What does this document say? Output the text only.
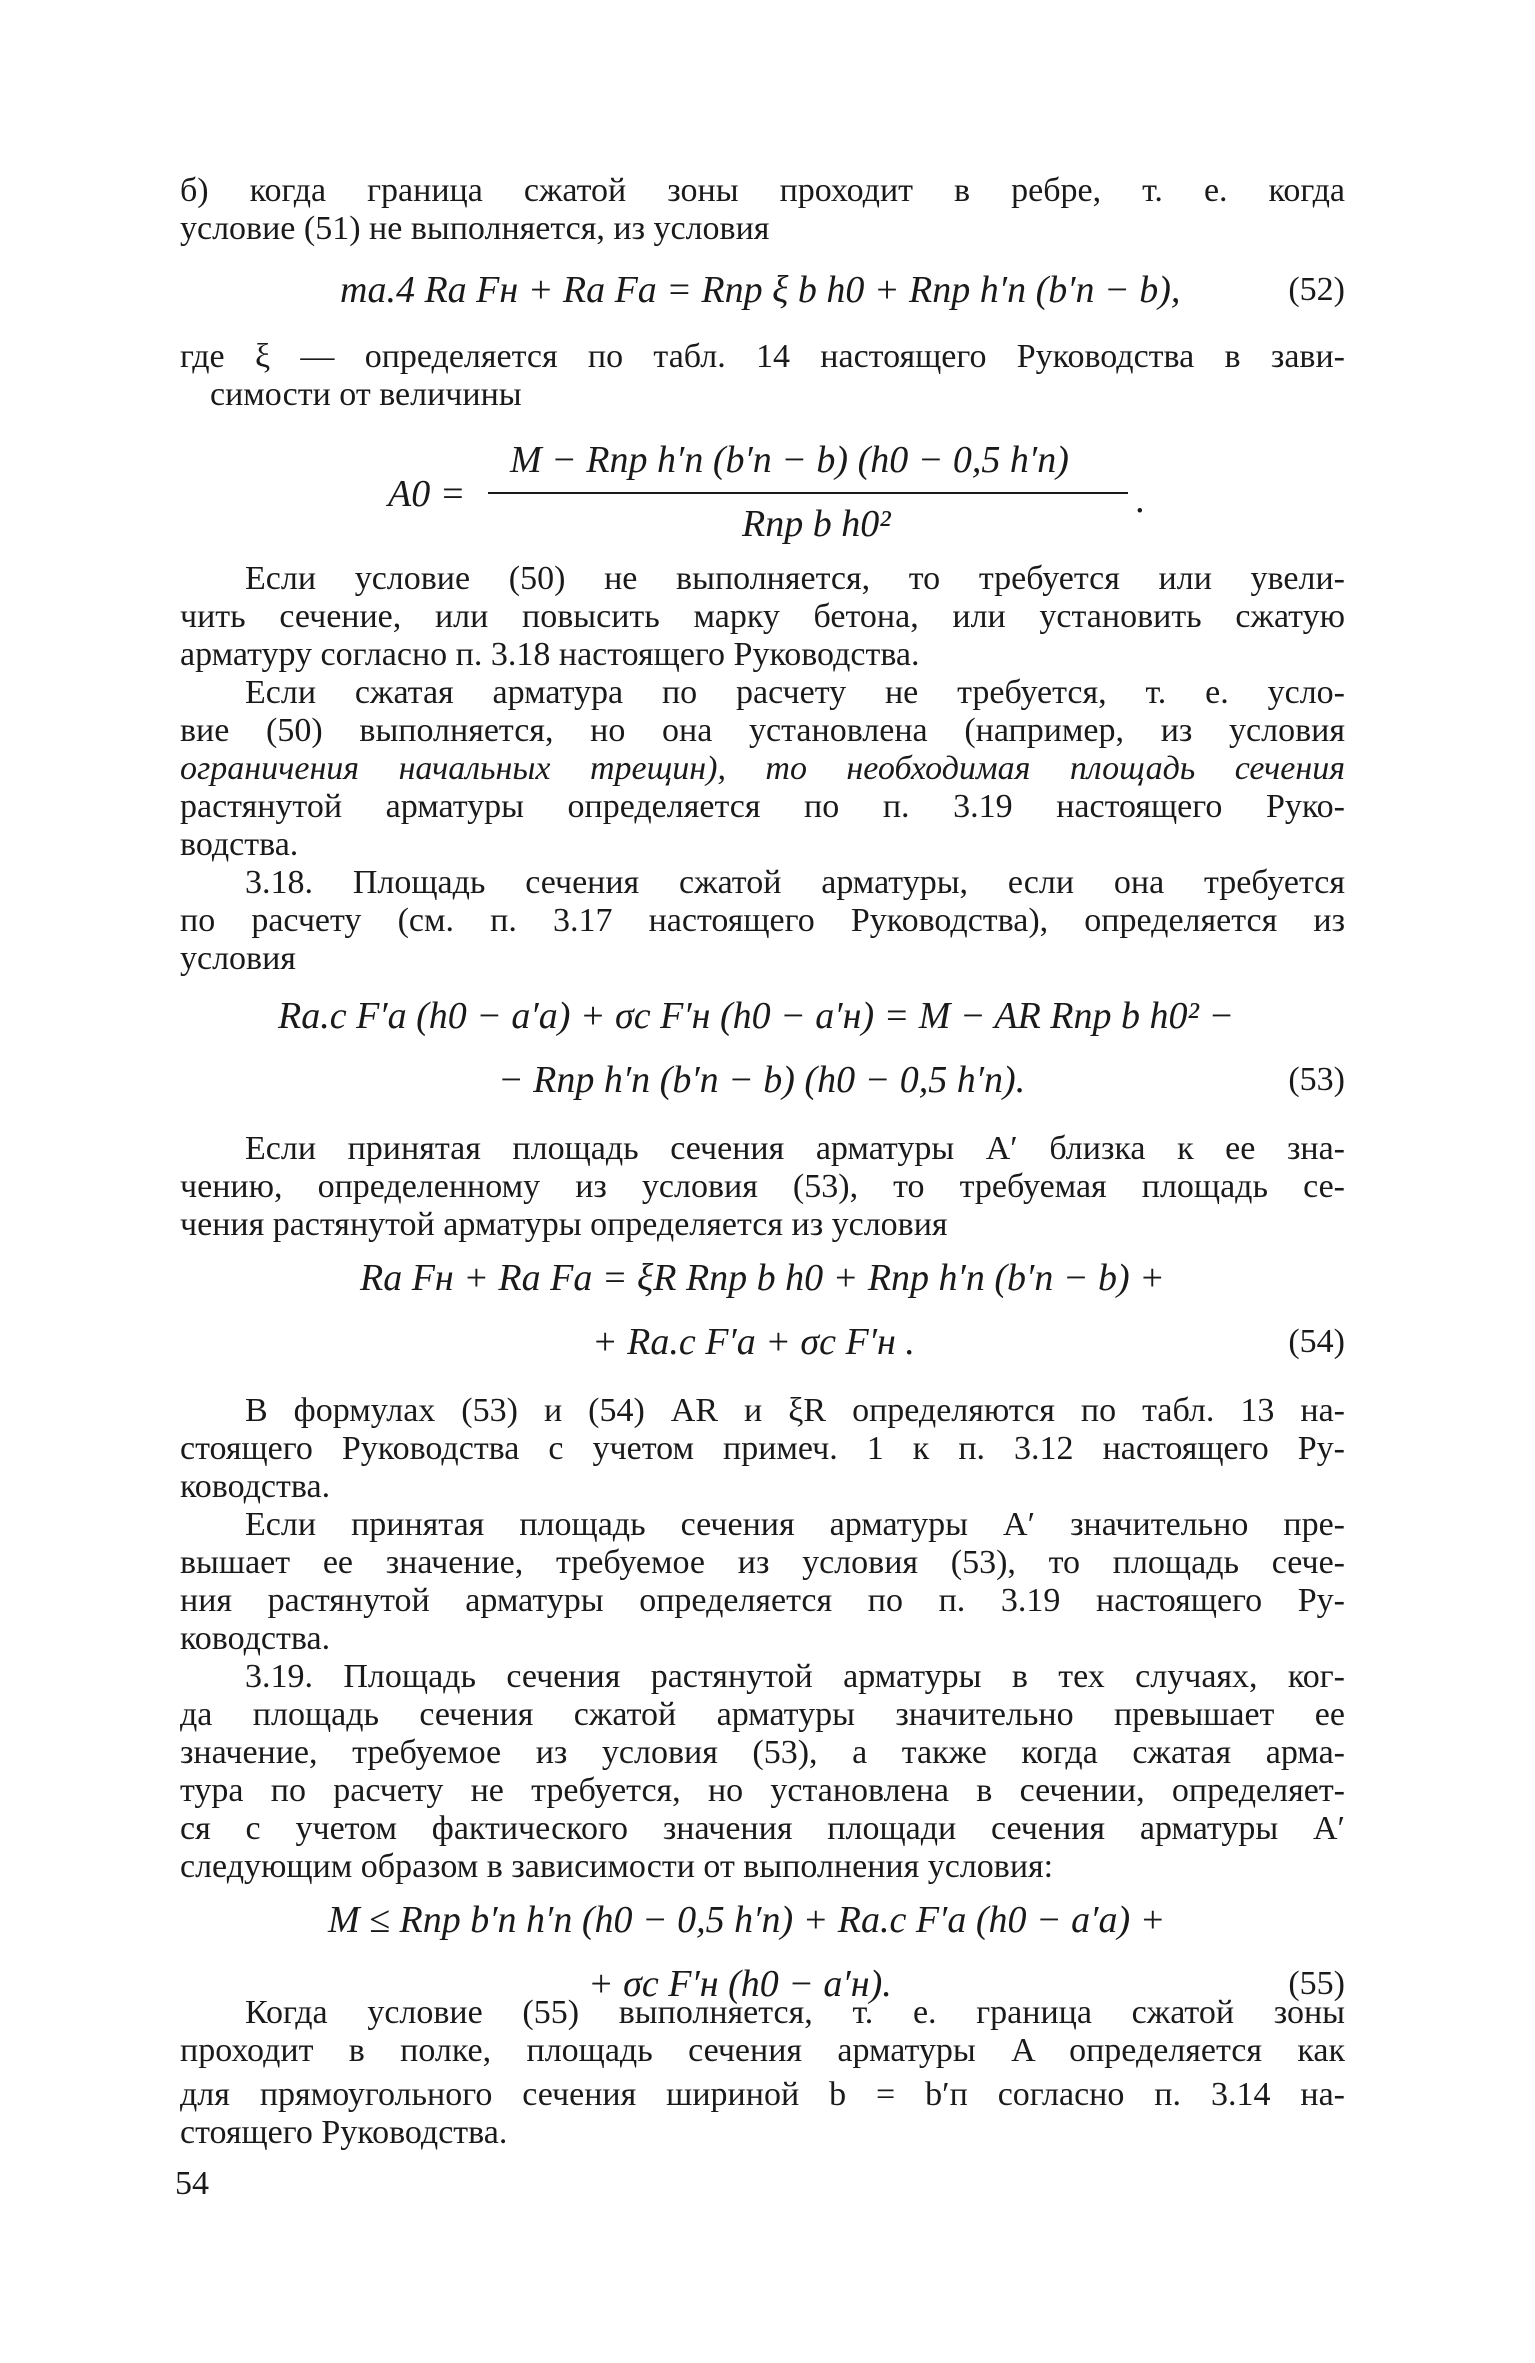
б) когда граница сжатой зоны проходит в ребре, т. е. когда
условие (51) не выполняется, из условия
mа.4 Rа Fн + Rа Fа = Rпр ξ b h0 + Rпр h′п (b′п − b),	(52)
где ξ — определяется по табл. 14 настоящего Руководства в зави-
симости от величины
A0 =
M − Rпр h′п (b′п − b) (h0 − 0,5 h′п)
Rпр b h0²
.
Если условие (50) не выполняется, то требуется или увели-
чить сечение, или повысить марку бетона, или установить сжатую
арматуру согласно п. 3.18 настоящего Руководства.
Если сжатая арматура по расчету не требуется, т. е. усло-
вие (50) выполняется, но она установлена (например, из условия
ограничения начальных трещин), то необходимая площадь сечения
растянутой арматуры определяется по п. 3.19 настоящего Руко-
водства.
3.18. Площадь сечения сжатой арматуры, если она требуется
по расчету (см. п. 3.17 настоящего Руководства), определяется из
условия
Rа.с F′а (h0 − a′а) + σс F′н (h0 − a′н) = M − AR Rпр b h0² −
− Rпр h′п (b′п − b) (h0 − 0,5 h′п).	(53)
Если принятая площадь сечения арматуры A′ близка к ее зна-
чению, определенному из условия (53), то требуемая площадь се-
чения растянутой арматуры определяется из условия
Rа Fн + Rа Fа = ξR Rпр b h0 + Rпр h′п (b′п − b) +
+ Rа.с F′а + σс F′н .	(54)
В формулах (53) и (54) AR и ξR определяются по табл. 13 на-
стоящего Руководства с учетом примеч. 1 к п. 3.12 настоящего Ру-
ководства.
Если принятая площадь сечения арматуры A′ значительно пре-
вышает ее значение, требуемое из условия (53), то площадь сече-
ния растянутой арматуры определяется по п. 3.19 настоящего Ру-
ководства.
3.19. Площадь сечения растянутой арматуры в тех случаях, ког-
да площадь сечения сжатой арматуры значительно превышает ее
значение, требуемое из условия (53), а также когда сжатая арма-
тура по расчету не требуется, но установлена в сечении, определяет-
ся с учетом фактического значения площади сечения арматуры A′
следующим образом в зависимости от выполнения условия:
M ≤ Rпр b′п h′п (h0 − 0,5 h′п) + Rа.с F′а (h0 − a′а) +
+ σс F′н (h0 − a′н).	(55)
Когда условие (55) выполняется, т. е. граница сжатой зоны
проходит в полке, площадь сечения арматуры A определяется как
для прямоугольного сечения шириной b = b′п согласно п. 3.14 на-
стоящего Руководства.
54
